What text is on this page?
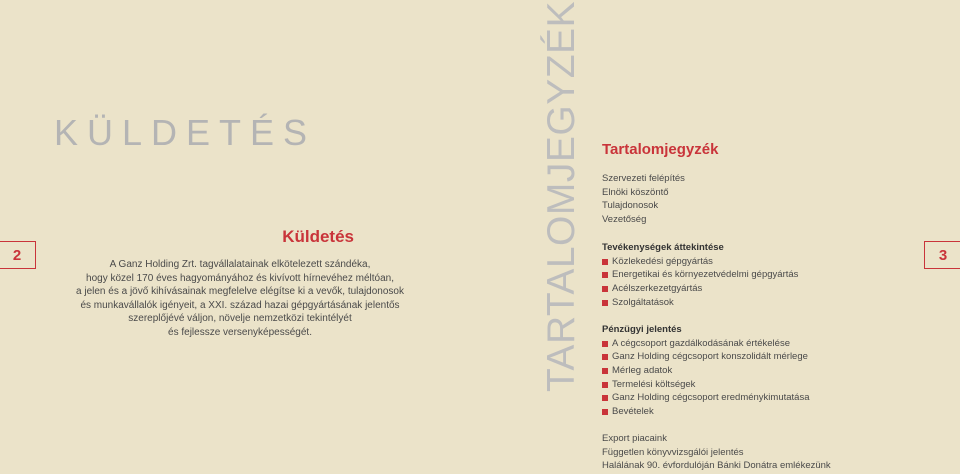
2	3
KÜLDETÉS
Küldetés
A Ganz Holding Zrt. tagvállalatainak elkötelezett szándéka,
hogy közel 170 éves hagyományához és kivívott hírnevéhez méltóan,
a jelen és a jövő kihívásainak megfelelve elégítse ki a vevők, tulajdonosok
és munkavállalók igényeit, a XXI. század hazai gépgyártásának jelentős
szereplőjévé váljon, növelje nemzetközi tekintélyét
és fejlessze versenyképességét.	TARTALOMJEGYZÉK Tartalomjegyzék
Szervezeti felépítés
Elnöki köszöntő
Tulajdonosok
Vezetőség
Tevékenységek áttekintése
Közlekedési gépgyártás
Energetikai és környezetvédelmi gépgyártás
Acélszerkezetgyártás
Szolgáltatások
Pénzügyi jelentés
A cégcsoport gazdálkodásának értékelése
Ganz Holding cégcsoport konszolidált mérlege
Mérleg adatok
Termelési költségek
Ganz Holding cégcsoport eredménykimutatása
Bevételek
Export piacaink
Független könyvvizsgálói jelentés
Halálának 90. évfordulóján Bánki Donátra emlékezünk
